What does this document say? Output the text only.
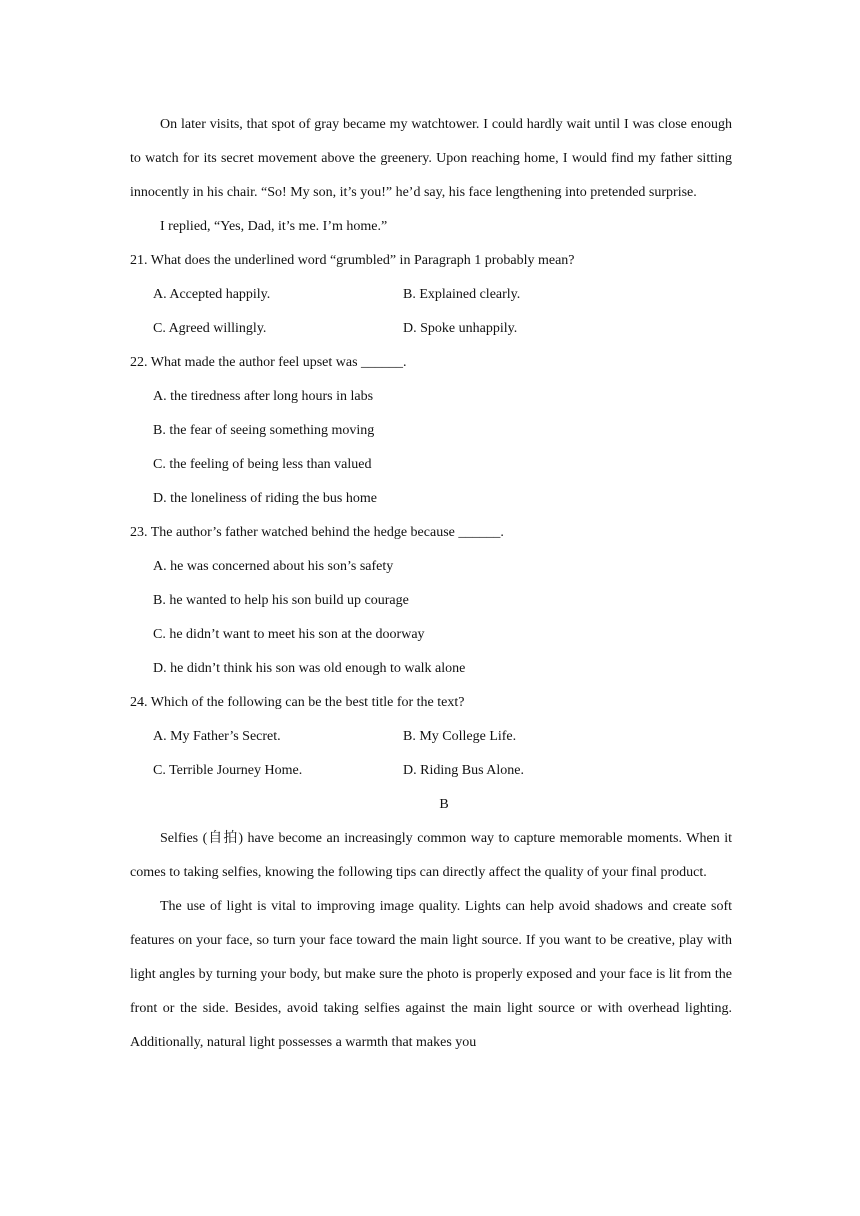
On later visits, that spot of gray became my watchtower. I could hardly wait until I was close enough to watch for its secret movement above the greenery. Upon reaching home, I would find my father sitting innocently in his chair. “So! My son, it’s you!” he’d say, his face lengthening into pretended surprise.

I replied, “Yes, Dad, it’s me. I’m home.”

21. What does the underlined word “grumbled” in Paragraph 1 probably mean?

A. Accepted happily.	B. Explained clearly.
C. Agreed willingly.	D. Spoke unhappily.

22. What made the author feel upset was ______.

A. the tiredness after long hours in labs

B. the fear of seeing something moving

C. the feeling of being less than valued

D. the loneliness of riding the bus home

23. The author’s father watched behind the hedge because ______.

A. he was concerned about his son’s safety

B. he wanted to help his son build up courage

C. he didn’t want to meet his son at the doorway

D. he didn’t think his son was old enough to walk alone

24. Which of the following can be the best title for the text?

A. My Father’s Secret.	B. My College Life.
C. Terrible Journey Home.	D. Riding Bus Alone.

B

Selfies (自拍) have become an increasingly common way to capture memorable moments. When it comes to taking selfies, knowing the following tips can directly affect the quality of your final product.

The use of light is vital to improving image quality. Lights can help avoid shadows and create soft features on your face, so turn your face toward the main light source. If you want to be creative, play with light angles by turning your body, but make sure the photo is properly exposed and your face is lit from the front or the side. Besides, avoid taking selfies against the main light source or with overhead lighting. Additionally, natural light possesses a warmth that makes you
